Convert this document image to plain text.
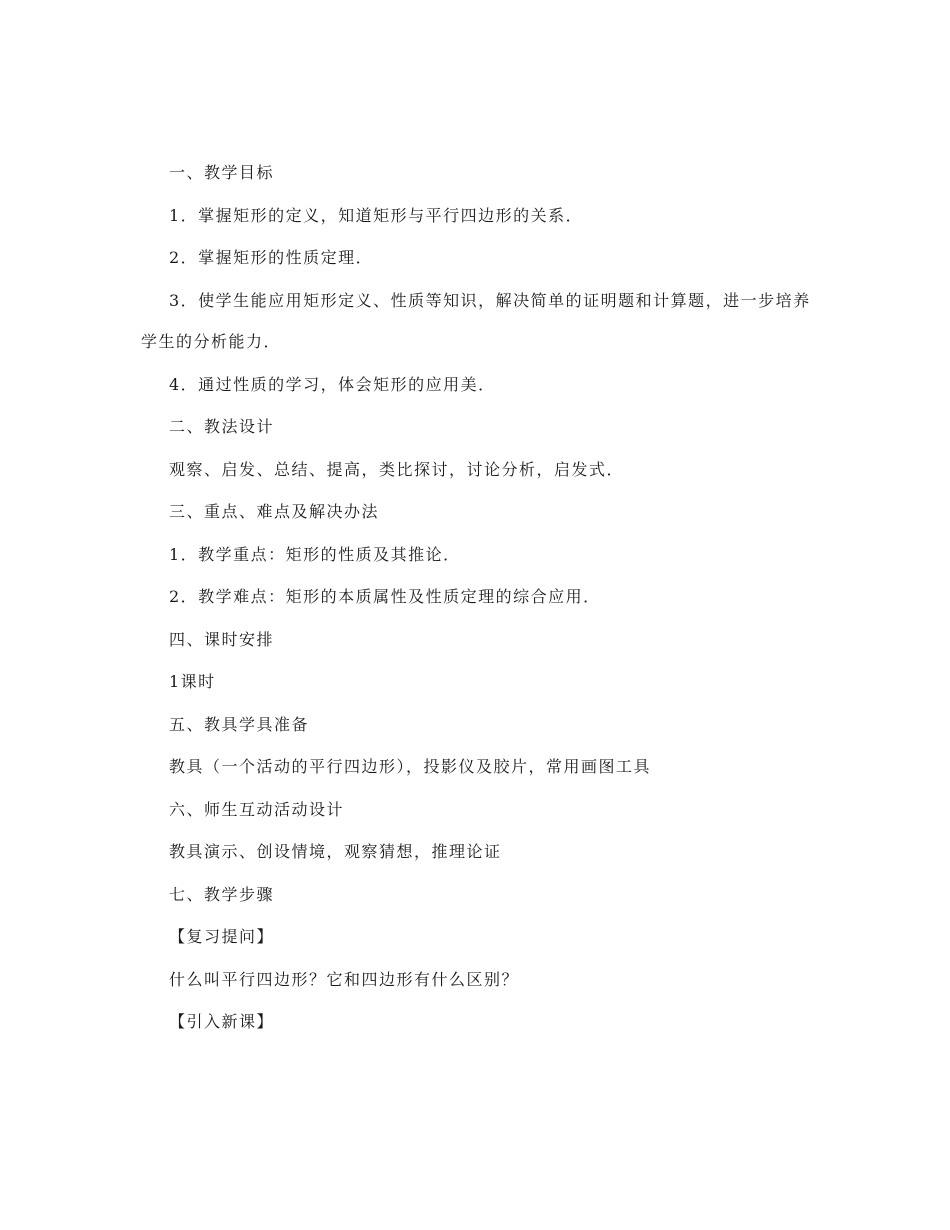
一、教学目标

1．掌握矩形的定义，知道矩形与平行四边形的关系．

2．掌握矩形的性质定理．

3．使学生能应用矩形定义、性质等知识，解决简单的证明题和计算题，进一步培养学生的分析能力．

4．通过性质的学习，体会矩形的应用美．

二、教法设计

观察、启发、总结、提高，类比探讨，讨论分析，启发式．

三、重点、难点及解决办法

1．教学重点：矩形的性质及其推论．

2．教学难点：矩形的本质属性及性质定理的综合应用．

四、课时安排

1课时

五、教具学具准备

教具（一个活动的平行四边形），投影仪及胶片，常用画图工具

六、师生互动活动设计

教具演示、创设情境，观察猜想，推理论证

七、教学步骤

【复习提问】

什么叫平行四边形？它和四边形有什么区别？

【引入新课】
